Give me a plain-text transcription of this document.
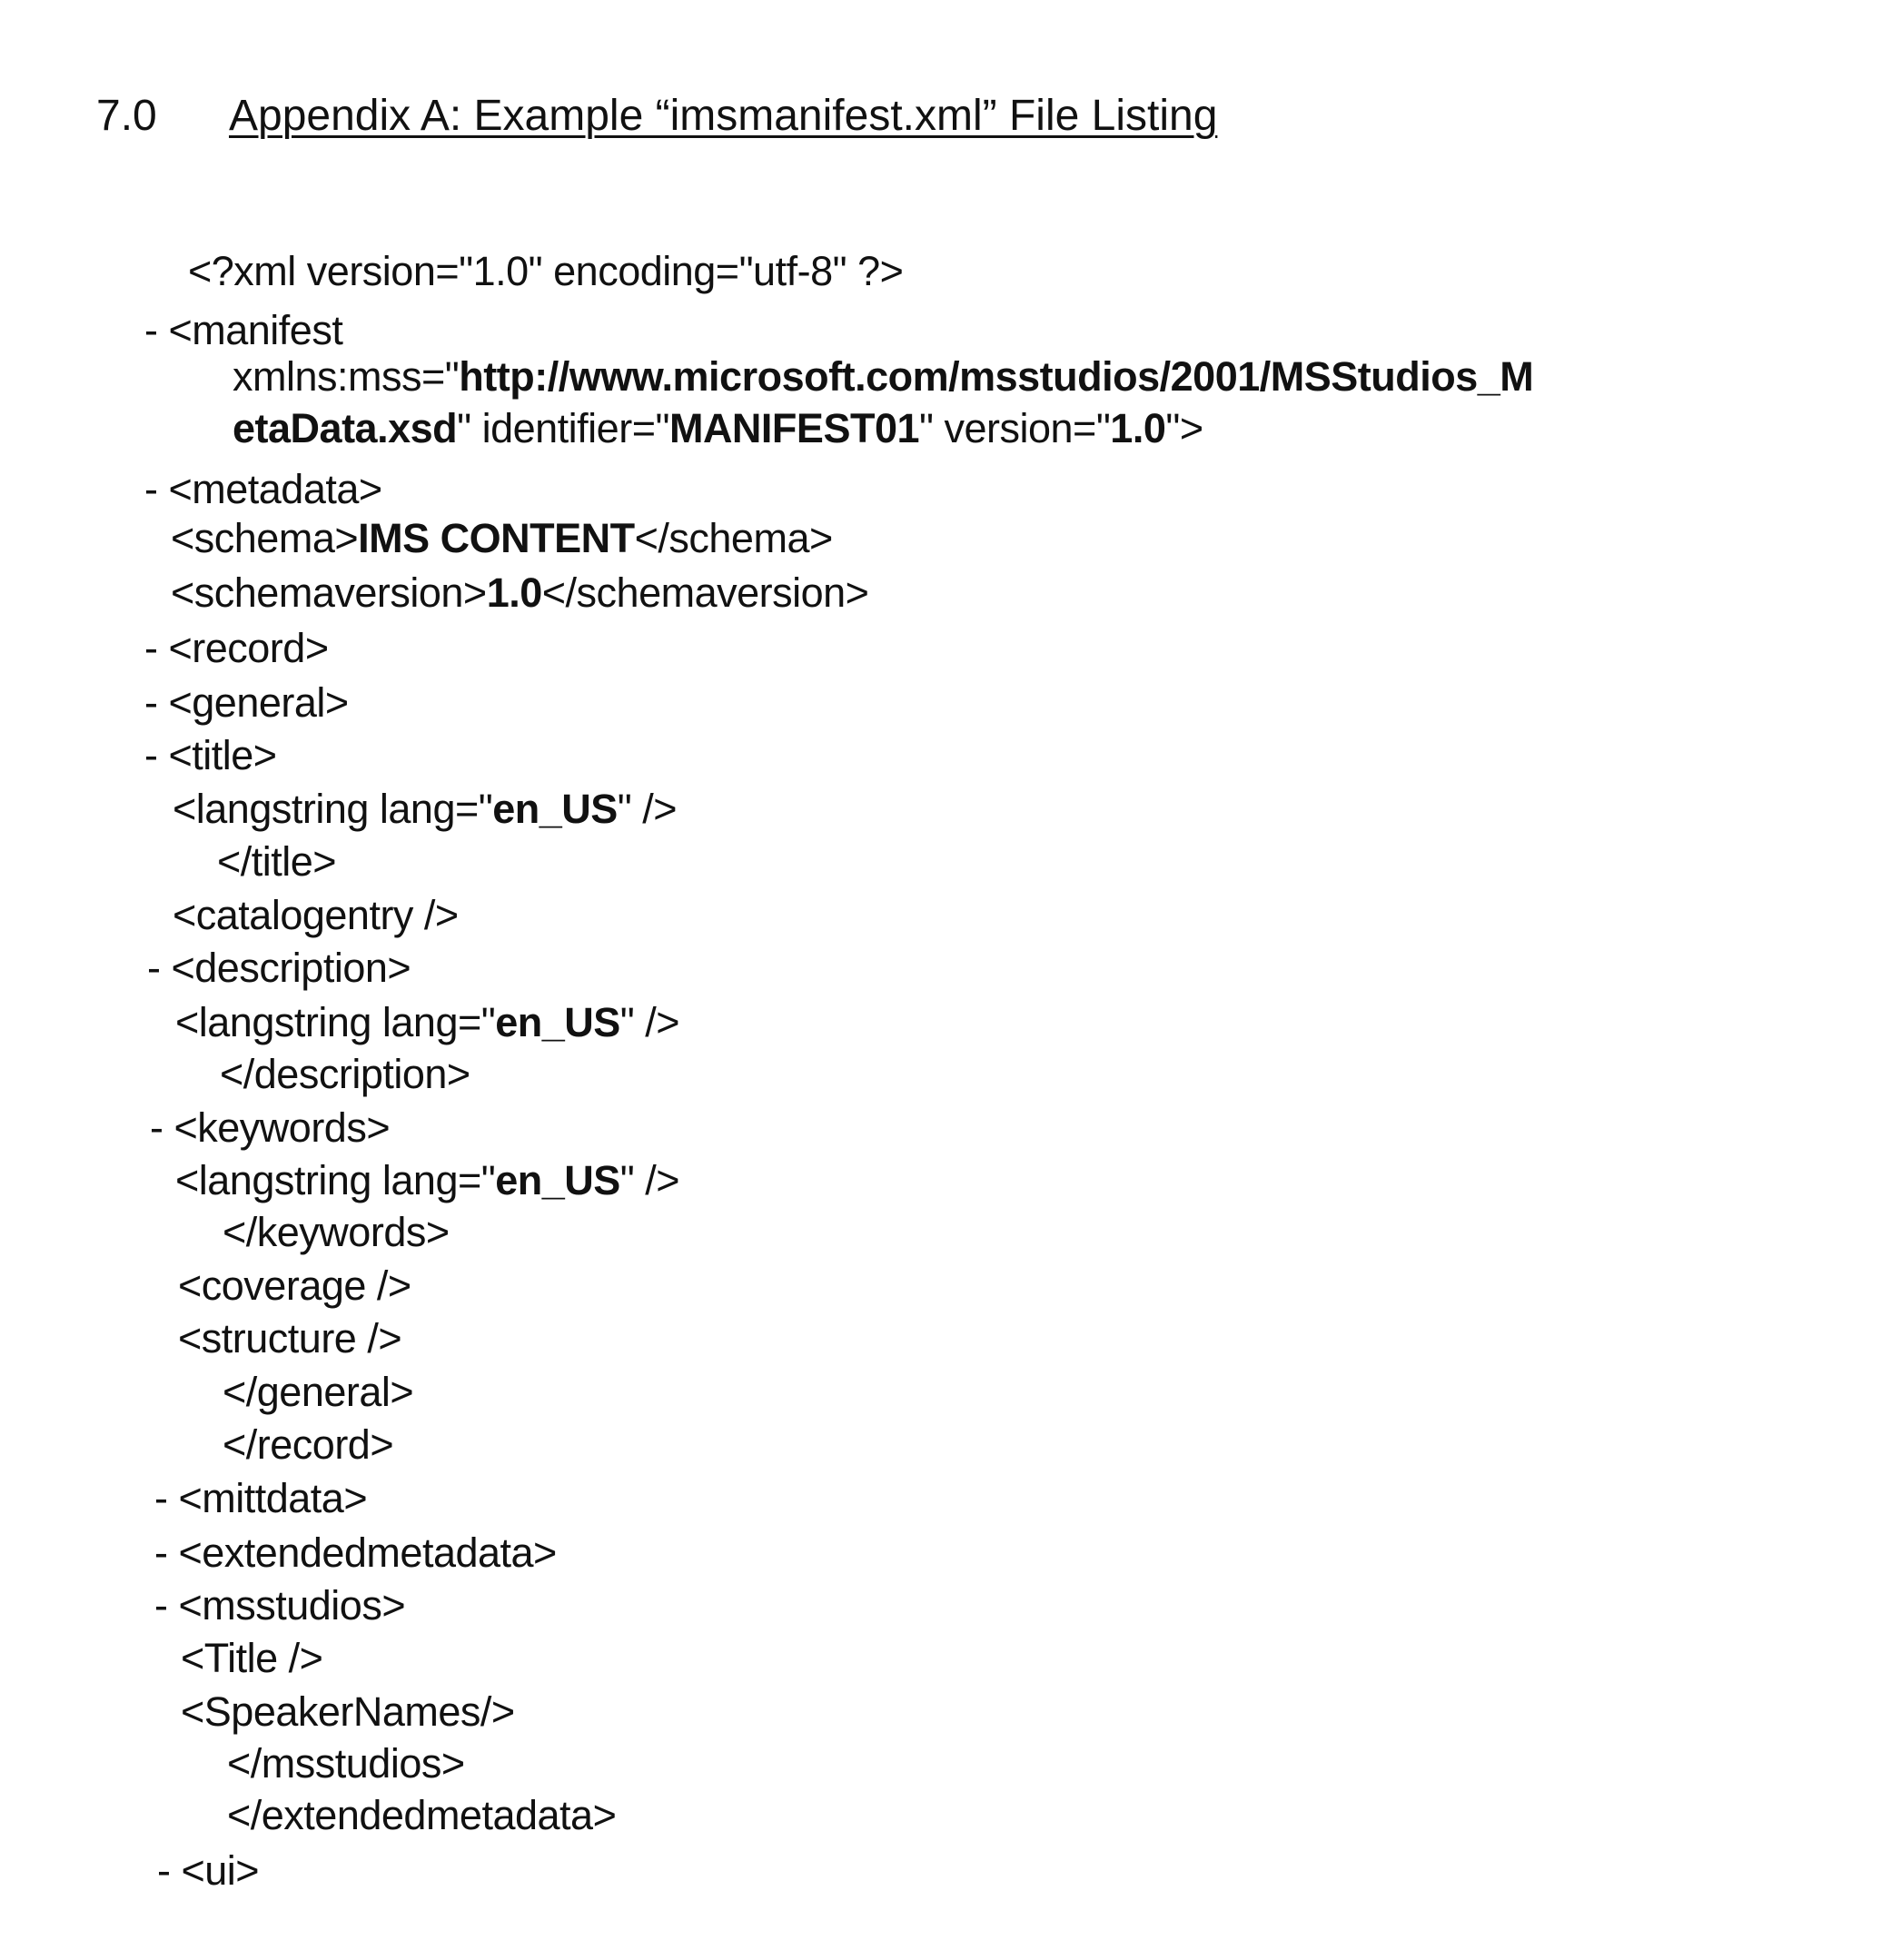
7.0 Appendix A: Example “imsmanifest.xml” File Listing
<?xml version="1.0" encoding="utf-8" ?>
- <manifest
xmlns:mss="http://www.microsoft.com/msstudios/2001/MSStudios_M
etaData.xsd" identifier="MANIFEST01" version="1.0">
- <metadata>
<schema>IMS CONTENT</schema>
<schemaversion>1.0</schemaversion>
- <record>
- <general>
- <title>
<langstring lang="en_US" />
</title>
<catalogentry />
- <description>
<langstring lang="en_US" />
</description>
- <keywords>
<langstring lang="en_US" />
</keywords>
<coverage />
<structure />
</general>
</record>
- <mittdata>
- <extendedmetadata>
- <msstudios>
<Title />
<SpeakerNames/>
</msstudios>
</extendedmetadata>
- <ui>
